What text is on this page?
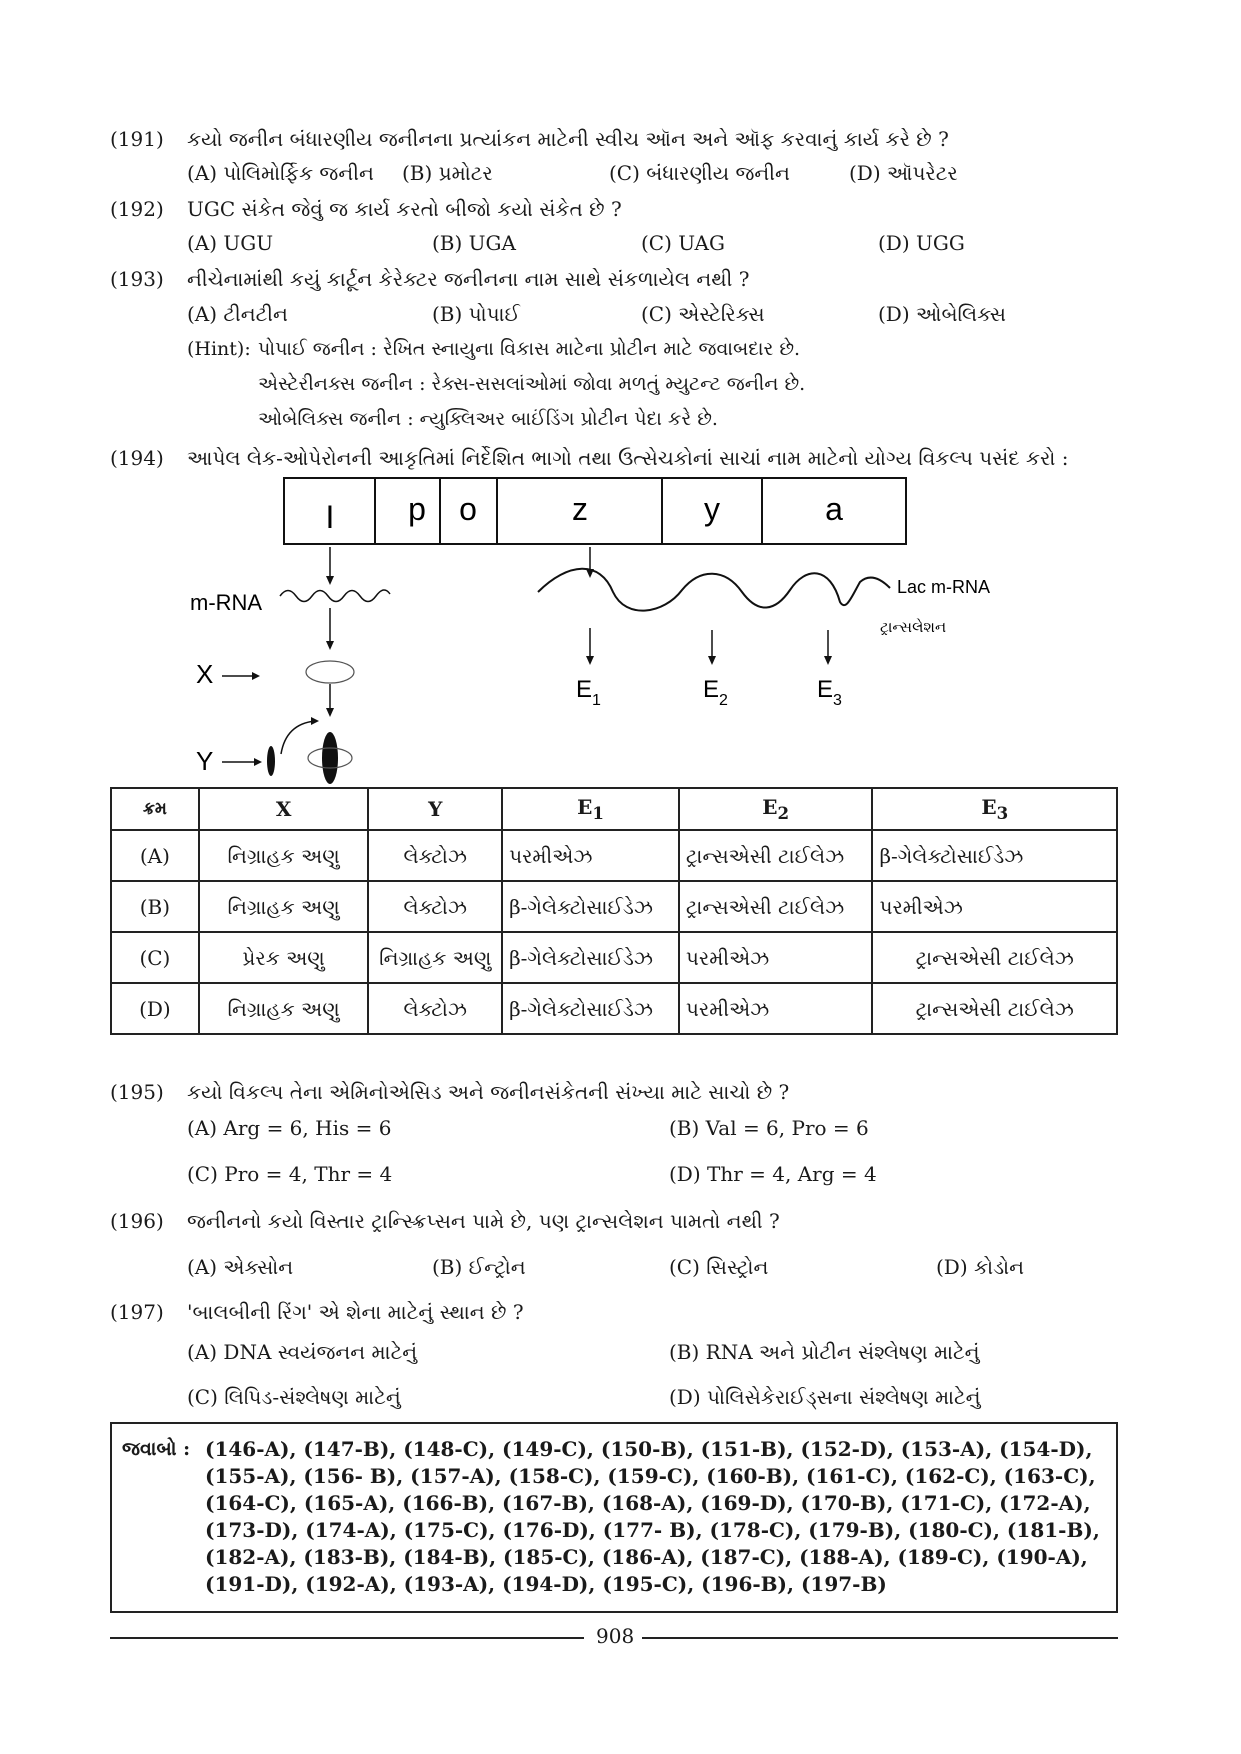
(191) કયો જનીન બંધારણીય જનીનના પ્રત્યાંકન માટેની સ્વીચ ઑન અને ઑફ કરવાનું કાર્ય કરે છે ?
(A) પોલિમોર્ફિક જનીન (B) પ્રમોટર	(C) બંધારણીય જનીન	(D) ઑપરેટર
(192) UGC સંકેત જેવું જ કાર્ય કરતો બીજો કયો સંકેત છે ?
(A) UGU	(B) UGA	(C) UAG	(D) UGG
(193) નીચેનામાંથી કયું કાર્ટૂન કેરેક્ટર જનીનના નામ સાથે સંકળાયેલ નથી ?
(A) ટીનટીન	(B) પોપાઈ	(C) એસ્ટેરિક્સ	(D) ઓબેલિક્સ
(Hint): પોપાઈ જનીન : રેખિત સ્નાયુના વિકાસ માટેના પ્રોટીન માટે જવાબદાર છે.
એસ્ટેરીનક્સ જનીન : રેક્સ-સસલાંઓમાં જોવા મળતું મ્યુટન્ટ જનીન છે.
ઓબેલિક્સ જનીન : ન્યુક્લિઅર બાઈંડિંગ પ્રોટીન પેદા કરે છે.
(194) આપેલ લેક-ઓપેરોનની આકૃતિમાં નિર્દેશિત ભાગો તથા ઉત્સેચકોનાં સાચાં નામ માટેનો યોગ્ય વિકલ્પ પસંદ કરો :
I p o	z	y	a
m-RNA
X
Y
Lac m-RNA
ટ્રાન્સલેશન
$E_1$	$E_2$	$E_3$
ક્રમ	X	Y	$E_1$	$E_2$	$E_3$
(A)	નિગ્રાહક અણુ	લેક્ટોઝ	પરમીએઝ	ટ્રાન્સએસી ટાઈલેઝ	β-ગેલેક્ટોસાઈડેઝ
(B)	નિગ્રાહક અણુ	લેક્ટોઝ	β-ગેલેક્ટોસાઈડેઝ	ટ્રાન્સએસી ટાઈલેઝ	પરમીએઝ
(C)	પ્રેરક અણુ	નિગ્રાહક અણુ	β-ગેલેક્ટોસાઈડેઝ	પરમીએઝ	ટ્રાન્સએસી ટાઈલેઝ
(D)	નિગ્રાહક અણુ	લેક્ટોઝ	β-ગેલેક્ટોસાઈડેઝ	પરમીએઝ	ટ્રાન્સએસી ટાઈલેઝ
(195) કયો વિકલ્પ તેના એમિનોએસિડ અને જનીનસંકેતની સંખ્યા માટે સાચો છે ?
(A) Arg = 6, His = 6	(B) Val = 6, Pro = 6
(C) Pro = 4, Thr = 4	(D) Thr = 4, Arg = 4
(196) જનીનનો કયો વિસ્તાર ટ્રાન્સ્ક્રિપ્સન પામે છે, પણ ટ્રાન્સલેશન પામતો નથી ?
(A) એક્સોન	(B) ઈન્ટ્રોન	(C) સિસ્ટ્રોન	(D) કોડોન
(197) 'બાલબીની રિંગ' એ શેના માટેનું સ્થાન છે ?
(A) DNA સ્વયંજનન માટેનું	(B) RNA અને પ્રોટીન સંશ્લેષણ માટેનું
(C) લિપિડ-સંશ્લેષણ માટેનું	(D) પોલિસેકેરાઈડ્સના સંશ્લેષણ માટેનું
જવાબો : (146-A), (147-B), (148-C), (149-C), (150-B), (151-B), (152-D), (153-A), (154-D), (155-A), (156- B), (157-A), (158-C), (159-C), (160-B), (161-C), (162-C), (163-C), (164-C), (165-A), (166-B), (167-B), (168-A), (169-D), (170-B), (171-C), (172-A), (173-D), (174-A), (175-C), (176-D), (177- B), (178-C), (179-B), (180-C), (181-B), (182-A), (183-B), (184-B), (185-C), (186-A), (187-C), (188-A), (189-C), (190-A), (191-D), (192-A), (193-A), (194-D), (195-C), (196-B), (197-B)
908
